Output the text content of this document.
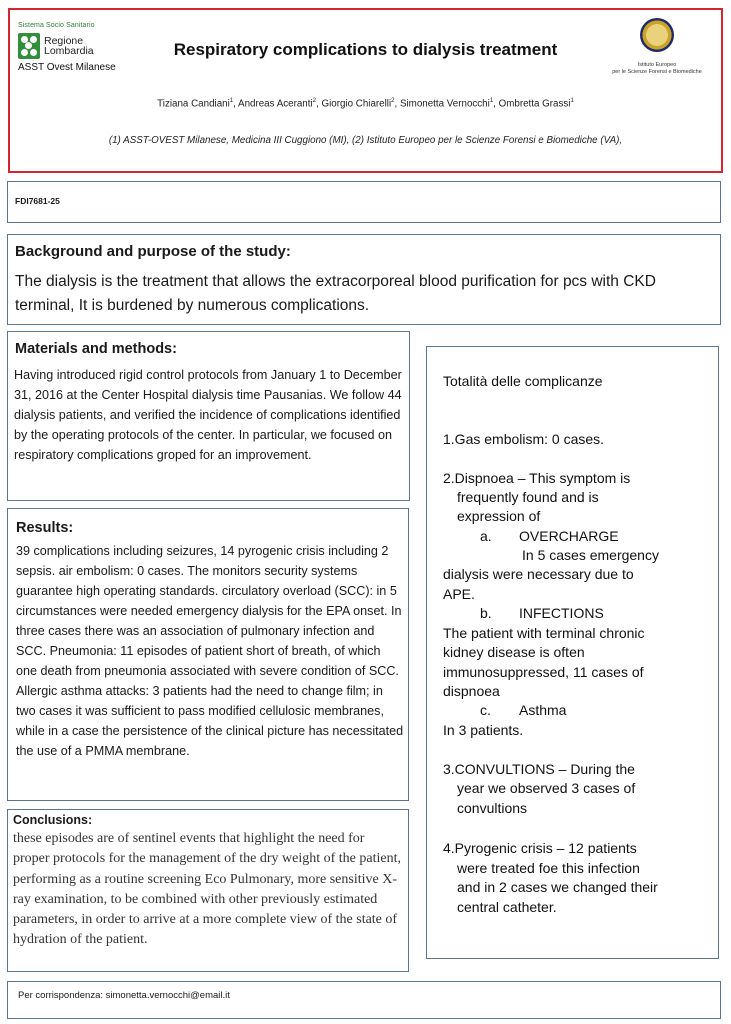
Sistema Socio Sanitario
Regione
Lombardia
ASST Ovest Milanese
Respiratory complications to dialysis treatment
Istituto Europeo
per le Scienze Forensi e Biomediche
Tiziana Candiani$^1$, Andreas Aceranti$^2$, Giorgio Chiarelli$^2$, Simonetta Vernocchi$^1$, Ombretta Grassi$^1$
(1) ASST-OVEST Milanese, Medicina III Cuggiono (MI), (2) Istituto Europeo per le Scienze Forensi e Biomediche (VA),
FDI7681-25
Background and purpose of the study:

The dialysis is the treatment that allows the extracorporeal blood purification for pcs with CKD terminal, It is burdened by numerous complications.

Materials and methods:

Having introduced rigid control protocols from January 1 to December 31, 2016 at the Center Hospital dialysis time Pausanias. We follow 44 dialysis patients, and verified the incidence of complications identified by the operating protocols of the center. In particular, we focused on respiratory complications groped for an improvement.

Results:

39 complications including seizures, 14 pyrogenic crisis including 2 sepsis. air embolism: 0 cases. The monitors security systems guarantee high operating standards. circulatory overload (SCC): in 5 circumstances were needed emergency dialysis for the EPA onset. In three cases there was an association of pulmonary infection and SCC. Pneumonia: 11 episodes of patient short of breath, of which one death from pneumonia associated with severe condition of SCC. Allergic asthma attacks: 3 patients had the need to change film; in two cases it was sufficient to pass modified cellulosic membranes, while in a case the persistence of the clinical picture has necessitated the use of a PMMA membrane.

Conclusions:

these episodes are of sentinel events that highlight the need for proper protocols for the management of the dry weight of the patient, performing as a routine screening Eco Pulmonary, more sensitive X-ray examination, to be combined with other previously estimated parameters, in order to arrive at a more complete view of the state of hydration of the patient.

Totalità delle complicanze
1.Gas embolism: 0 cases.
2.Dispnoea – This symptom is
frequently found and is
expression of
a. OVERCHARGE
In 5 cases emergency
dialysis were necessary due to
APE.
b. INFECTIONS
The patient with terminal chronic
kidney disease is often
immunosuppressed, 11 cases of
dispnoea
c. Asthma
In 3 patients.
3.CONVULTIONS – During the
year we observed 3 cases of
convultions
4.Pyrogenic crisis – 12 patients
were treated foe this infection
and in 2 cases we changed their
central catheter.
Per corrispondenza: simonetta.vernocchi@email.it
